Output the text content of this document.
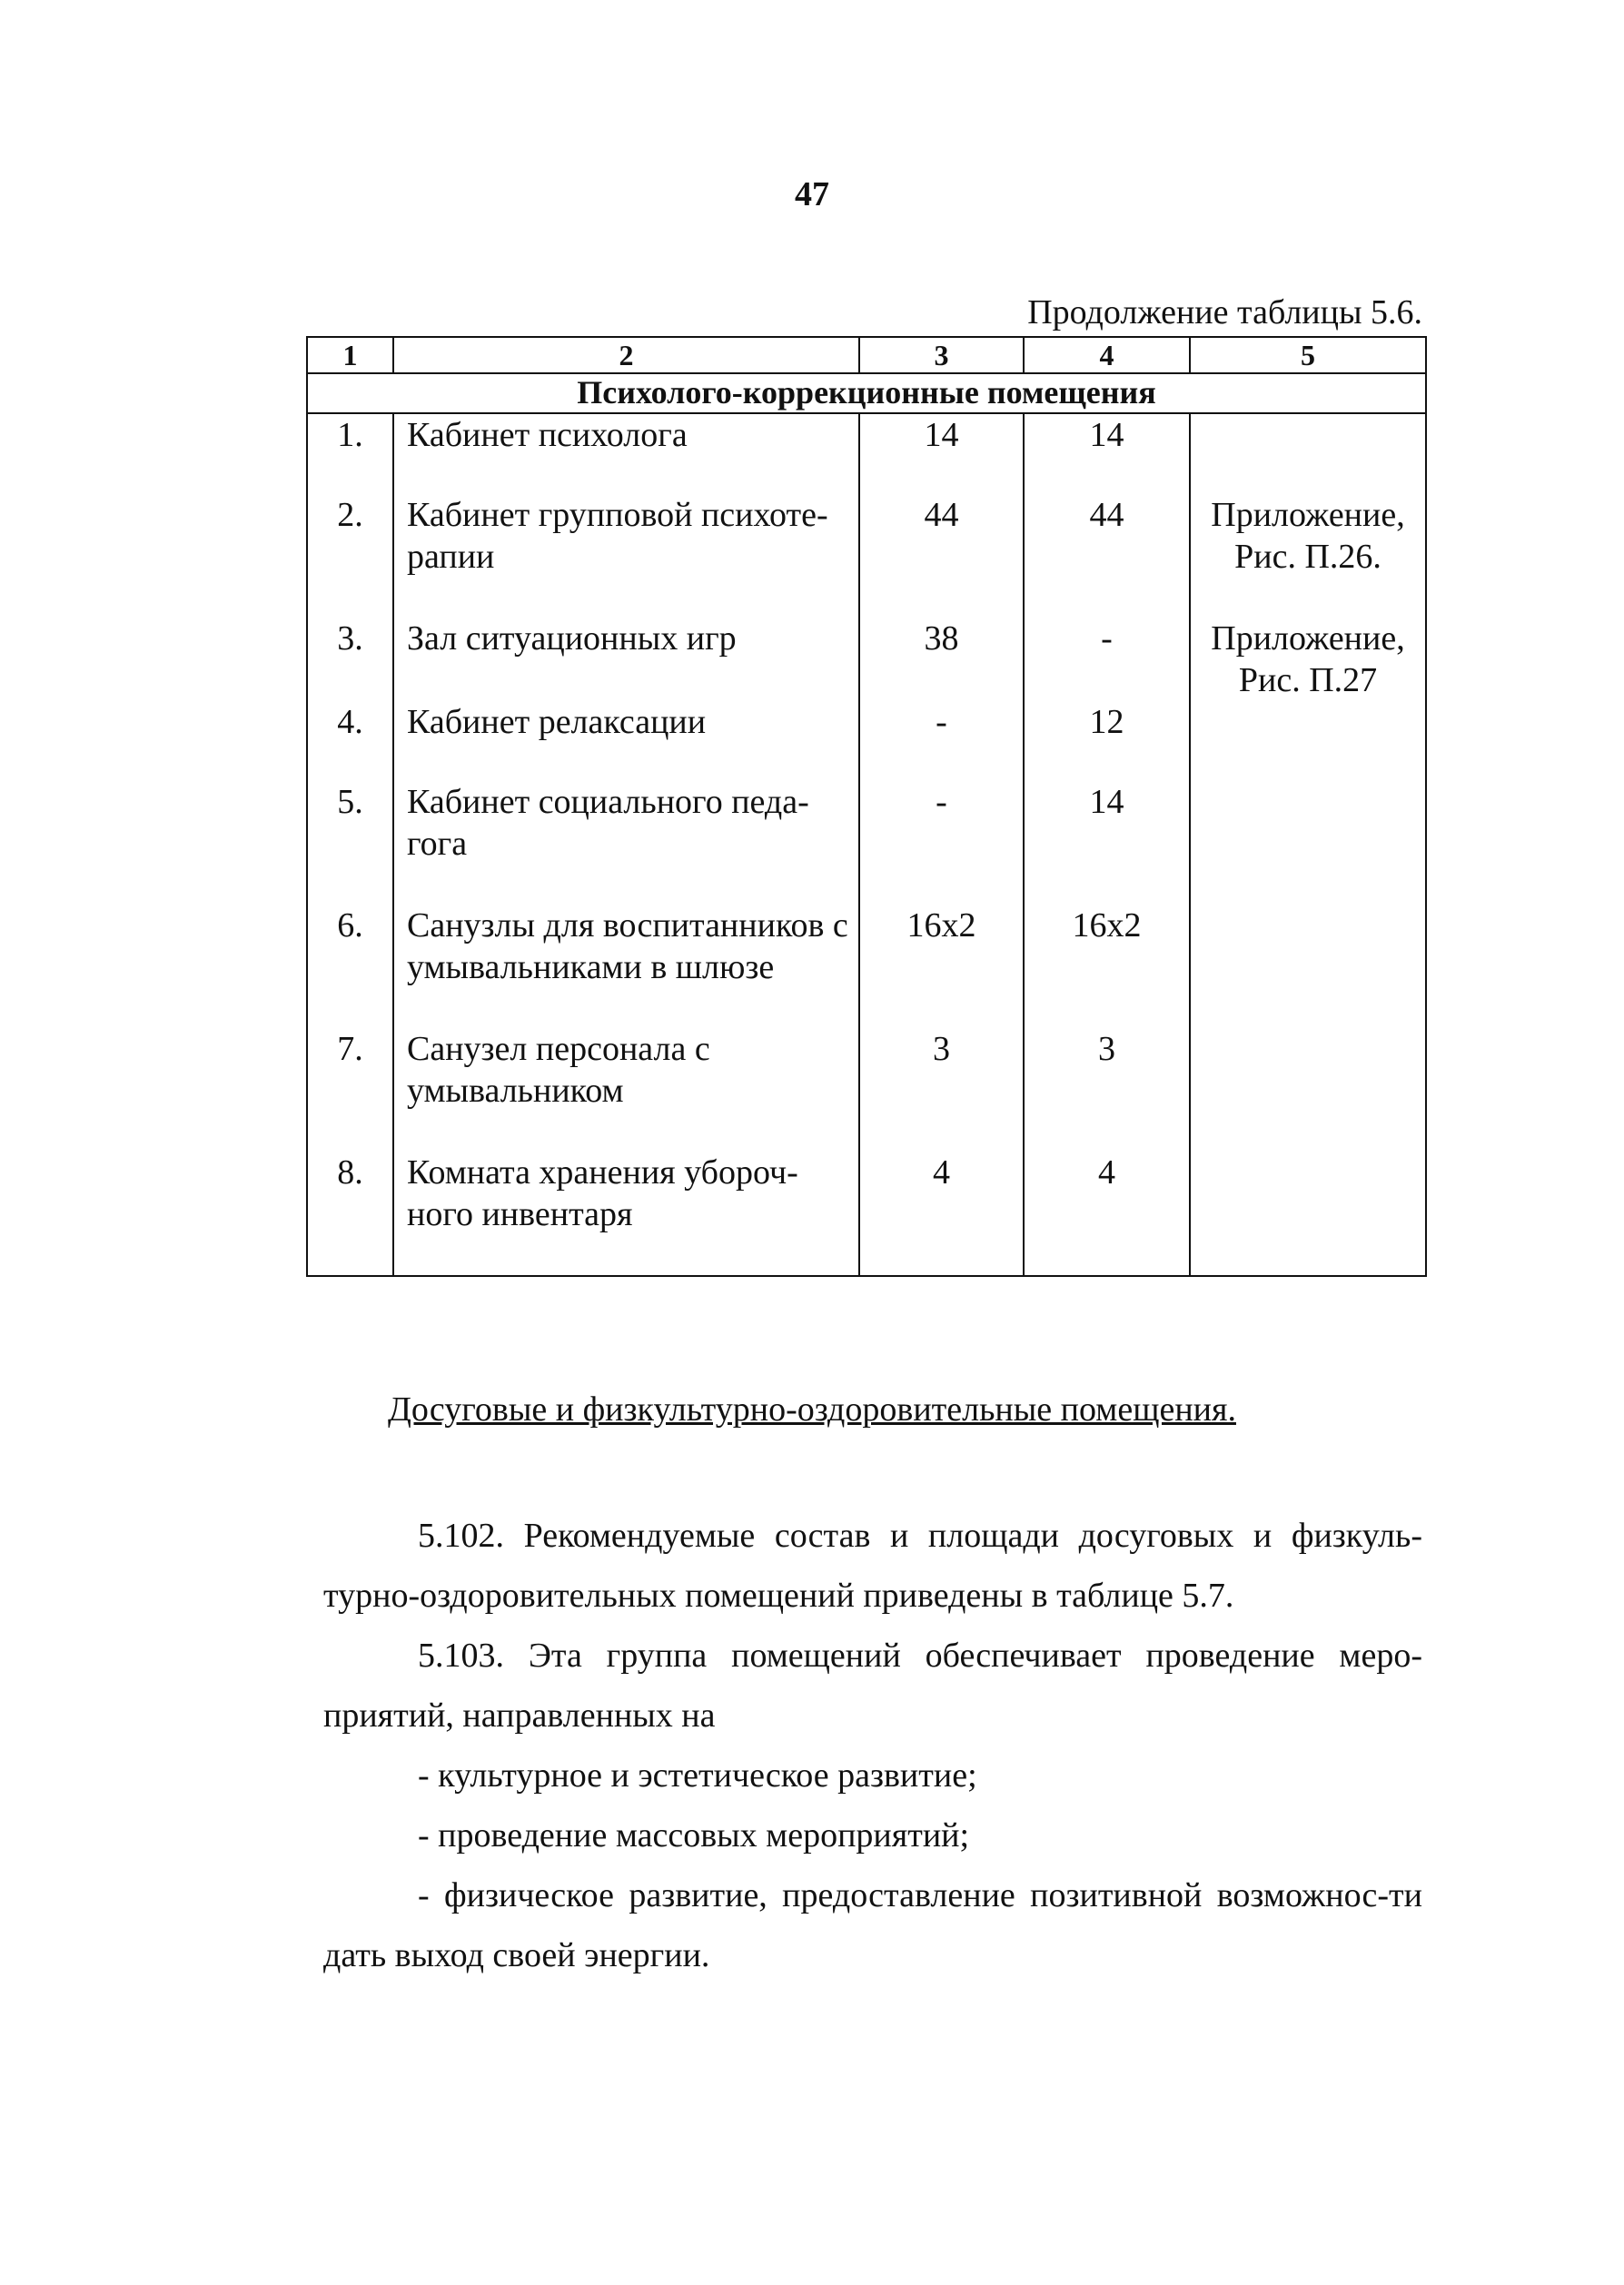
47
Продолжение таблицы 5.6.
1	2	3	4	5
Психолого-коррекционные помещения				
1.	Кабинет психолога	14	14	
2.	Кабинет групповой психоте-рапии	44	44	Приложение, Рис. П.26.
3.	Зал ситуационных игр	38	-	Приложение, Рис. П.27
4.	Кабинет релаксации	-	12	
5.	Кабинет социального педа-гога	-	14	
6.	Санузлы для воспитанников с умывальниками в шлюзе	16x2	16x2	
7.	Санузел персонала с умывальником	3	3	
8.	Комната хранения убороч-ного инвентаря	4	4	
Досуговые и физкультурно-оздоровительные помещения.

5.102. Рекомендуемые состав и площади досуговых и физкуль-турно-оздоровительных помещений приведены в таблице 5.7.

5.103. Эта группа помещений обеспечивает проведение меро-приятий, направленных на

- культурное и эстетическое развитие;

- проведение массовых мероприятий;

- физическое развитие, предоставление позитивной возможнос-ти дать выход своей энергии.
